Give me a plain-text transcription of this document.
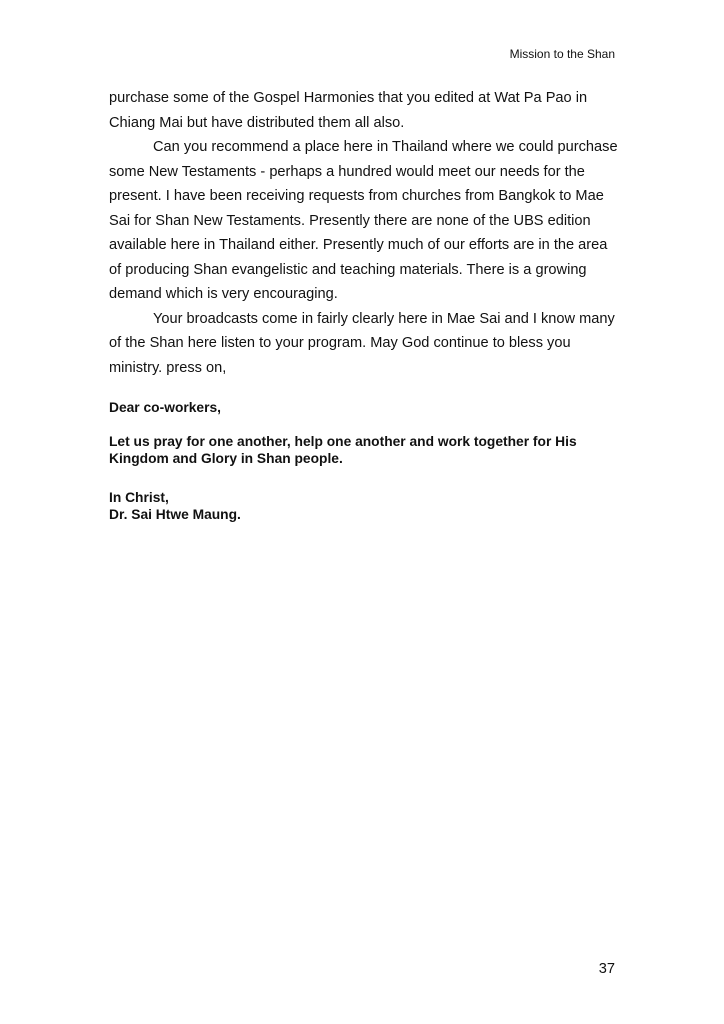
Mission to the Shan

purchase some of the Gospel Harmonies that you edited at Wat Pa Pao in Chiang Mai but have distributed them all also.

Can you recommend a place here in Thailand where we could purchase some New Testaments - perhaps a hundred would meet our needs for the present. I have been receiving requests from churches from Bangkok to Mae Sai for Shan New Testaments. Presently there are none of the UBS edition available here in Thailand either. Presently much of our efforts are in the area of producing Shan evangelistic and teaching materials. There is a growing demand which is very encouraging.

Your broadcasts come in fairly clearly here in Mae Sai and I know many of the Shan here listen to your program. May God continue to bless you ministry. press on,

Dear co-workers,

Let us pray for one another, help one another and work together for His Kingdom and Glory in Shan people.

In Christ,

Dr. Sai Htwe Maung.

37
